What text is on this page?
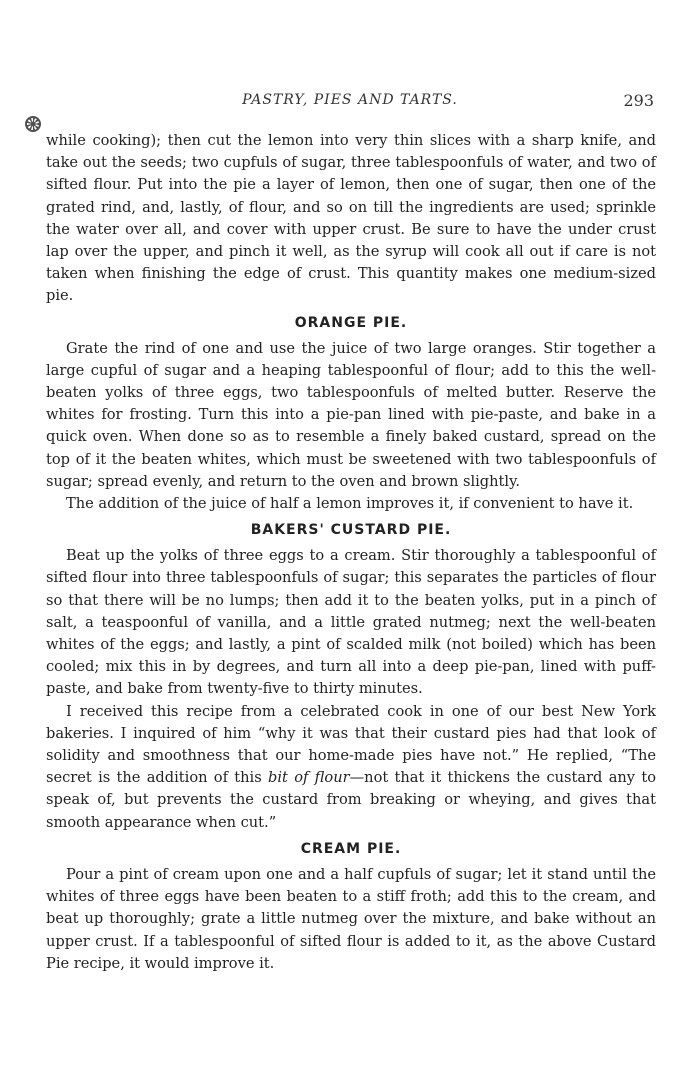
PASTRY, PIES AND TARTS.	293

while cooking); then cut the lemon into very thin slices with a sharp knife, and take out the seeds; two cupfuls of sugar, three tablespoonfuls of water, and two of sifted flour. Put into the pie a layer of lemon, then one of sugar, then one of the grated rind, and, lastly, of flour, and so on till the ingredients are used; sprinkle the water over all, and cover with upper crust. Be sure to have the under crust lap over the upper, and pinch it well, as the syrup will cook all out if care is not taken when finishing the edge of crust. This quantity makes one medium-sized pie.

ORANGE PIE.

Grate the rind of one and use the juice of two large oranges. Stir together a large cupful of sugar and a heaping tablespoonful of flour; add to this the well-beaten yolks of three eggs, two tablespoonfuls of melted butter. Reserve the whites for frosting. Turn this into a pie-pan lined with pie-paste, and bake in a quick oven. When done so as to resemble a finely baked custard, spread on the top of it the beaten whites, which must be sweetened with two tablespoonfuls of sugar; spread evenly, and return to the oven and brown slightly.

The addition of the juice of half a lemon improves it, if convenient to have it.

BAKERS' CUSTARD PIE.

Beat up the yolks of three eggs to a cream. Stir thoroughly a tablespoonful of sifted flour into three tablespoonfuls of sugar; this separates the particles of flour so that there will be no lumps; then add it to the beaten yolks, put in a pinch of salt, a teaspoonful of vanilla, and a little grated nutmeg; next the well-beaten whites of the eggs; and lastly, a pint of scalded milk (not boiled) which has been cooled; mix this in by degrees, and turn all into a deep pie-pan, lined with puff-paste, and bake from twenty-five to thirty minutes.

I received this recipe from a celebrated cook in one of our best New York bakeries. I inquired of him “why it was that their custard pies had that look of solidity and smoothness that our home-made pies have not.” He replied, “The secret is the addition of this bit of flour—not that it thickens the custard any to speak of, but prevents the custard from breaking or wheying, and gives that smooth appearance when cut.”

CREAM PIE.

Pour a pint of cream upon one and a half cupfuls of sugar; let it stand until the whites of three eggs have been beaten to a stiff froth; add this to the cream, and beat up thoroughly; grate a little nutmeg over the mixture, and bake without an upper crust. If a tablespoonful of sifted flour is added to it, as the above Custard Pie recipe, it would improve it.
